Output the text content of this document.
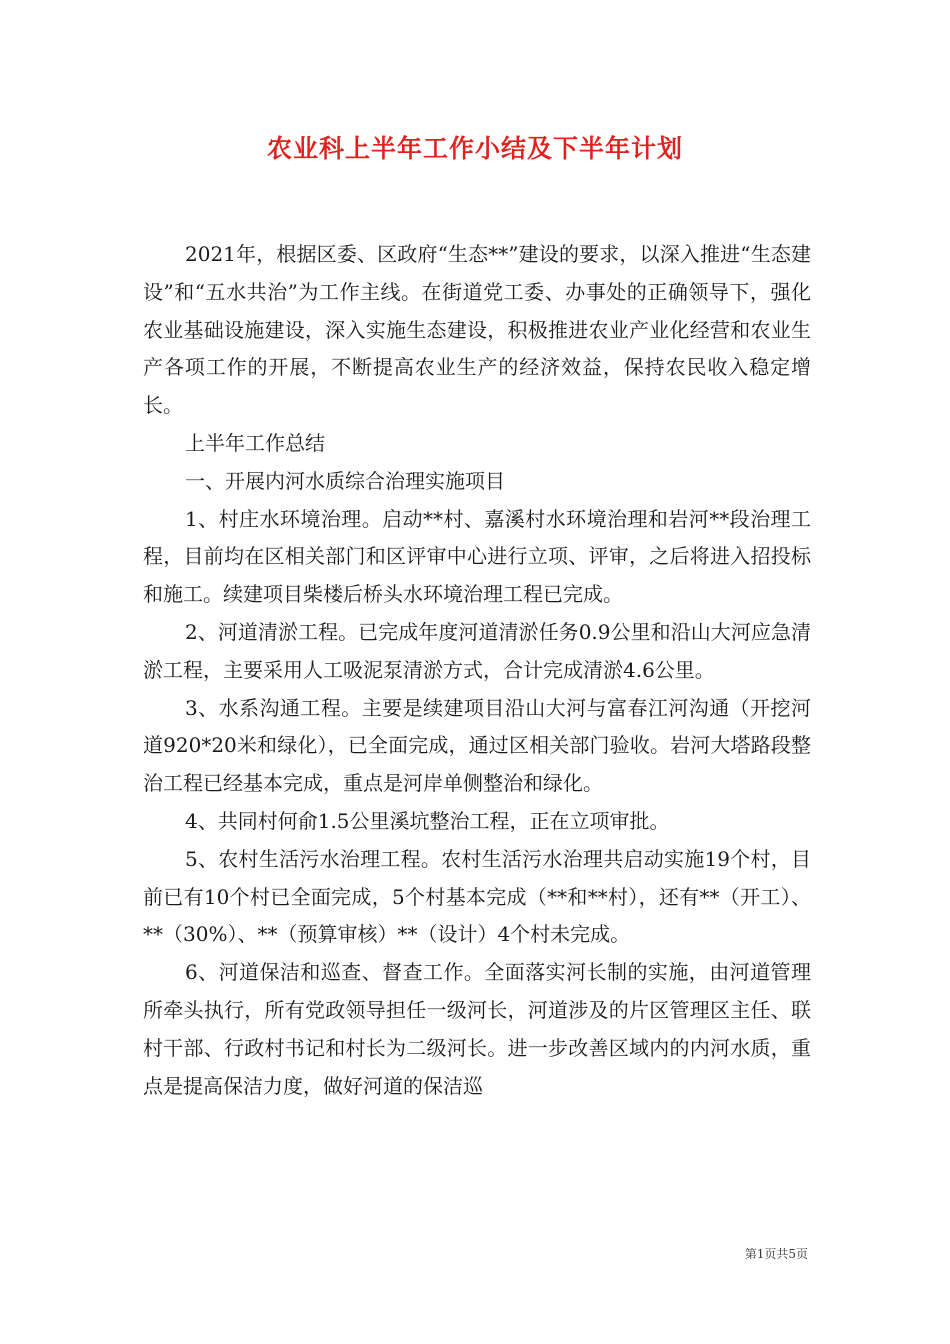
农业科上半年工作小结及下半年计划

2021年，根据区委、区政府“生态**”建设的要求，以深入推进“生态建设”和“五水共治”为工作主线。在街道党工委、办事处的正确领导下，强化农业基础设施建设，深入实施生态建设，积极推进农业产业化经营和农业生产各项工作的开展，不断提高农业生产的经济效益，保持农民收入稳定增长。

上半年工作总结

一、开展内河水质综合治理实施项目

1、村庄水环境治理。启动**村、嘉溪村水环境治理和岩河**段治理工程，目前均在区相关部门和区评审中心进行立项、评审，之后将进入招投标和施工。续建项目柴楼后桥头水环境治理工程已完成。

2、河道清淤工程。已完成年度河道清淤任务0.9公里和沿山大河应急清淤工程，主要采用人工吸泥泵清淤方式，合计完成清淤4.6公里。

3、水系沟通工程。主要是续建项目沿山大河与富春江河沟通（开挖河道920*20米和绿化），已全面完成，通过区相关部门验收。岩河大塔路段整治工程已经基本完成，重点是河岸单侧整治和绿化。

4、共同村何俞1.5公里溪坑整治工程，正在立项审批。

5、农村生活污水治理工程。农村生活污水治理共启动实施19个村，目前已有10个村已全面完成，5个村基本完成（**和**村），还有**（开工）、**（30%）、**（预算审核）**（设计）4个村未完成。

6、河道保洁和巡查、督查工作。全面落实河长制的实施，由河道管理所牵头执行，所有党政领导担任一级河长，河道涉及的片区管理区主任、联村干部、行政村书记和村长为二级河长。进一步改善区域内的内河水质，重点是提高保洁力度，做好河道的保洁巡

第1页共5页
